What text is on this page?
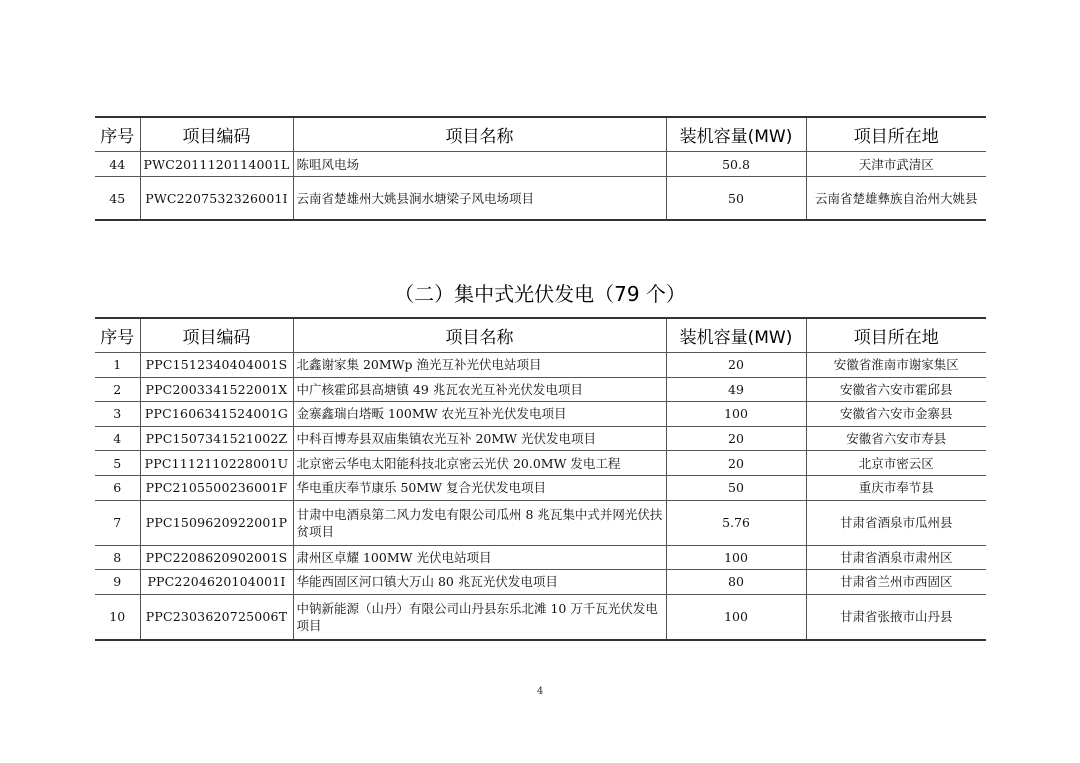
序号	项目编码	项目名称	装机容量(MW)	项目所在地
44	PWC2011120114001L	陈咀风电场	50.8	天津市武清区
45	PWC2207532326001I	云南省楚雄州大姚县涧水塘梁子风电场项目	50	云南省楚雄彝族自治州大姚县
（二）集中式光伏发电（79 个）
序号	项目编码	项目名称	装机容量(MW)	项目所在地
1	PPC1512340404001S	北鑫谢家集 20MWp 渔光互补光伏电站项目	20	安徽省淮南市谢家集区
2	PPC2003341522001X	中广核霍邱县高塘镇 49 兆瓦农光互补光伏发电项目	49	安徽省六安市霍邱县
3	PPC1606341524001G	金寨鑫瑞白塔畈 100MW 农光互补光伏发电项目	100	安徽省六安市金寨县
4	PPC1507341521002Z	中科百博寿县双庙集镇农光互补 20MW 光伏发电项目	20	安徽省六安市寿县
5	PPC1112110228001U	北京密云华电太阳能科技北京密云光伏 20.0MW 发电工程	20	北京市密云区
6	PPC2105500236001F	华电重庆奉节康乐 50MW 复合光伏发电项目	50	重庆市奉节县
7	PPC1509620922001P	甘肃中电酒泉第二风力发电有限公司瓜州 8 兆瓦集中式并网光伏扶贫项目	5.76	甘肃省酒泉市瓜州县
8	PPC2208620902001S	肃州区卓耀 100MW 光伏电站项目	100	甘肃省酒泉市肃州区
9	PPC2204620104001I	华能西固区河口镇大万山 80 兆瓦光伏发电项目	80	甘肃省兰州市西固区
10	PPC2303620725006T	中钠新能源（山丹）有限公司山丹县东乐北滩 10 万千瓦光伏发电项目	100	甘肃省张掖市山丹县
4
